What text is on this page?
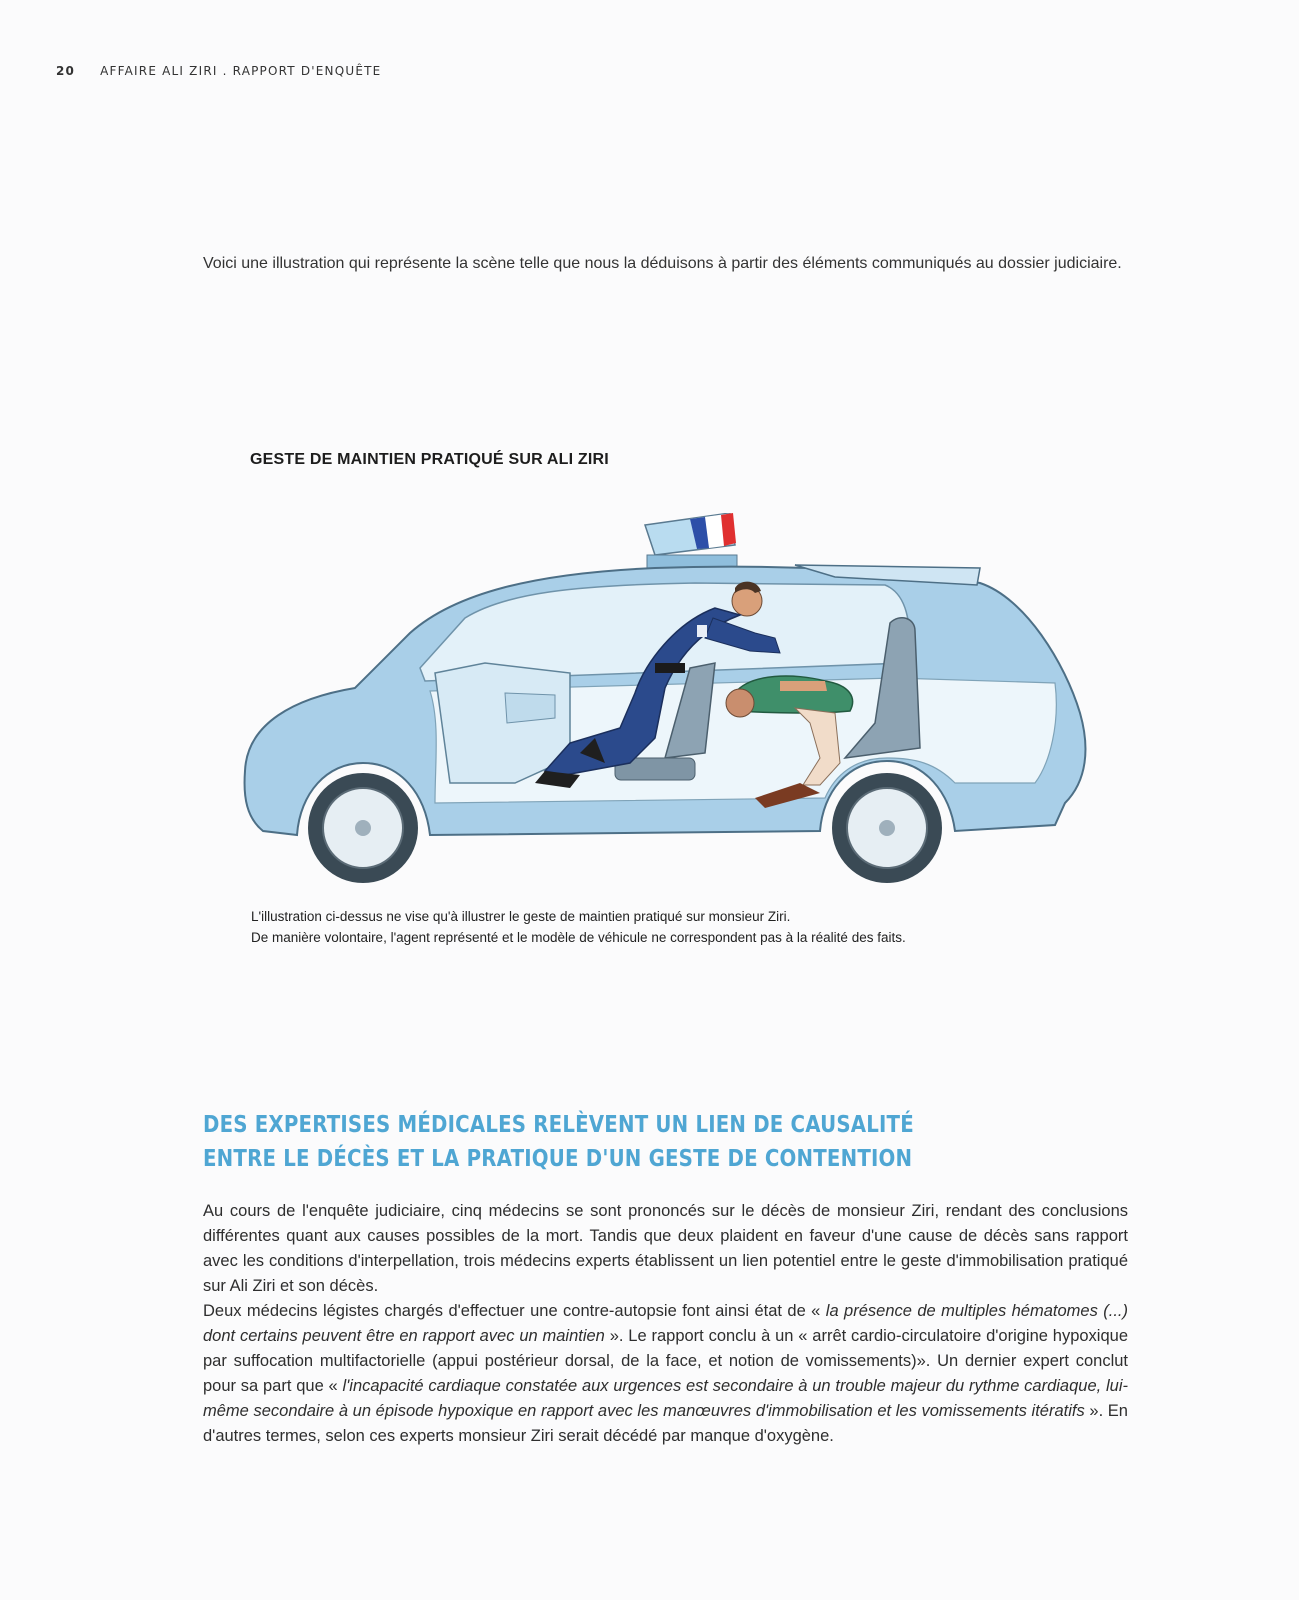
20 AFFAIRE ALI ZIRI . RAPPORT D'ENQUÊTE
Voici une illustration qui représente la scène telle que nous la déduisons à partir des éléments communiqués au dossier judiciaire.
GESTE DE MAINTIEN PRATIQUÉ SUR ALI ZIRI
L'illustration ci-dessus ne vise qu'à illustrer le geste de maintien pratiqué sur monsieur Ziri.
De manière volontaire, l'agent représenté et le modèle de véhicule ne correspondent pas à la réalité des faits.
DES EXPERTISES MÉDICALES RELÈVENT UN LIEN DE CAUSALITÉ
ENTRE LE DÉCÈS ET LA PRATIQUE D'UN GESTE DE CONTENTION

Au cours de l'enquête judiciaire, cinq médecins se sont prononcés sur le décès de monsieur Ziri, rendant des conclusions différentes quant aux causes possibles de la mort. Tandis que deux plaident en faveur d'une cause de décès sans rapport avec les conditions d'interpellation, trois médecins experts établissent un lien potentiel entre le geste d'immobilisation pratiqué sur Ali Ziri et son décès.

Deux médecins légistes chargés d'effectuer une contre-autopsie font ainsi état de « la présence de multiples hématomes (...) dont certains peuvent être en rapport avec un maintien ». Le rapport conclu à un « arrêt cardio-circulatoire d'origine hypoxique par suffocation multifactorielle (appui postérieur dorsal, de la face, et notion de vomissements)». Un dernier expert conclut pour sa part que « l'incapacité cardiaque constatée aux urgences est secondaire à un trouble majeur du rythme cardiaque, lui-même secondaire à un épisode hypoxique en rapport avec les manœuvres d'immobilisation et les vomissements itératifs ». En d'autres termes, selon ces experts monsieur Ziri serait décédé par manque d'oxygène.
